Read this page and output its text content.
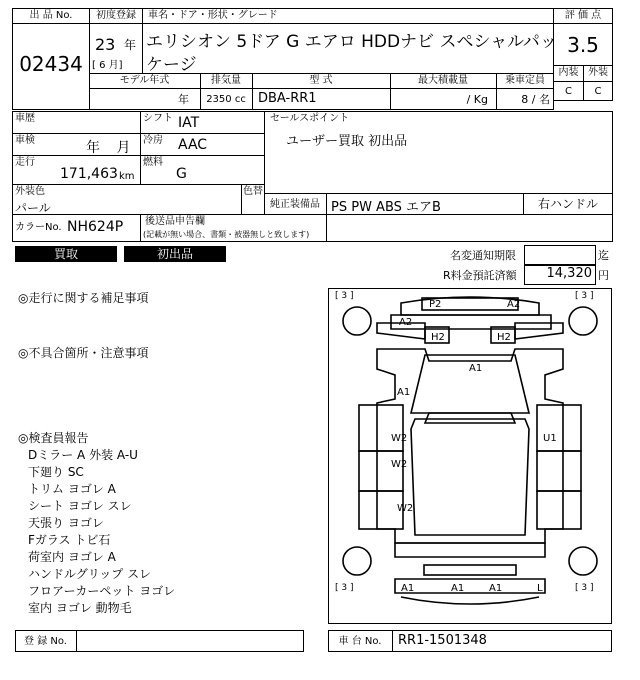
出 品 No.
02434
初度登録
23 年
[ 6 月]
車名・ドア・形状・グレード
エリシオン 5ドア G エアロ HDDナビ スペシャルパッ
ケージ
評 価 点
3.5
内装 外装
C	C
モデル年式	排気量	型 式	最大積載量	乗車定員
年	2350 cc DBA-RR1	/ Kg	8 / 名
車歴	シフト IAT
車検	年 月 冷房 AAC
走行
171,463 km
燃料
G
外装色
パール
色替
セールスポイント
ユーザー買取 初出品
純正装備品 PS PW ABS エアB	右ハンドル
カラーNo. NH624P 後送品申告欄
(記載が無い場合、書類・被器無しと致します)
買取	初出品	名変通知期限	迄
R料金預託済額	14,320 円
◎走行に関する補足事項
◎不具合箇所・注意事項
◎検査員報告
Dミラー A 外装 A-U
下廻り SC
トリム ヨゴレ A
シート ヨゴレ スレ
天張り ヨゴレ
Fガラス トビ石
荷室内 ヨゴレ A
ハンドルグリップ スレ
フロアーカーペット ヨゴレ
室内 ヨゴレ 動物毛
[ 3 ]	[ 3 ]
[ 3 ]	[ 3 ]
P2	A2
A2
H2	H2
A1
A1
W2	U1
W2
W2
A1	A1 A1	L
登 録 No.	車 台 No.	RR1-1501348
